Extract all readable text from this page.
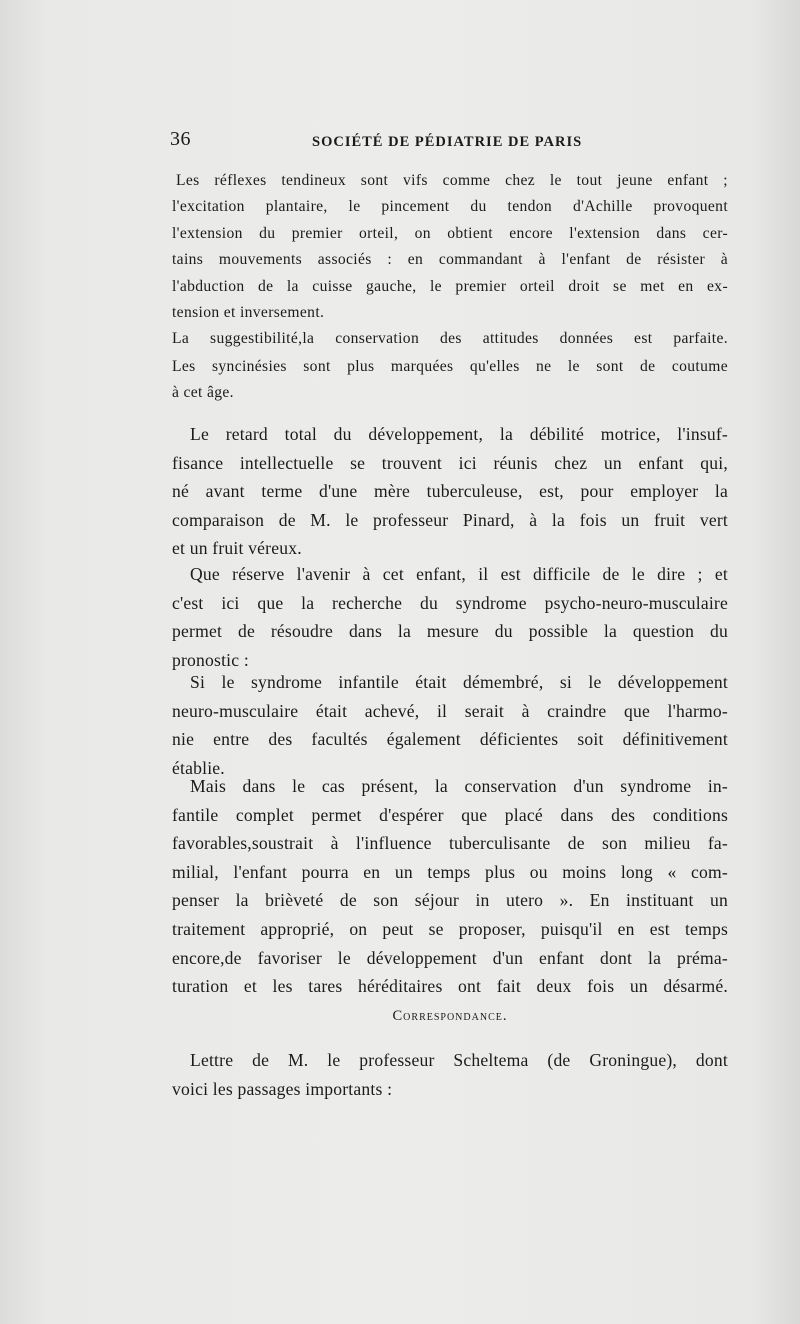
36	SOCIÉTÉ DE PÉDIATRIE DE PARIS
Les réflexes tendineux sont vifs comme chez le tout jeune enfant ;
l'excitation plantaire, le pincement du tendon d'Achille provoquent
l'extension du premier orteil, on obtient encore l'extension dans cer-
tains mouvements associés : en commandant à l'enfant de résister à
l'abduction de la cuisse gauche, le premier orteil droit se met en ex-
tension et inversement.
La suggestibilité,la conservation des attitudes données est parfaite.
Les syncinésies sont plus marquées qu'elles ne le sont de coutume
à cet âge.
Le retard total du développement, la débilité motrice, l'insuf-
fisance intellectuelle se trouvent ici réunis chez un enfant qui,
né avant terme d'une mère tuberculeuse, est, pour employer la
comparaison de M. le professeur Pinard, à la fois un fruit vert
et un fruit véreux.
Que réserve l'avenir à cet enfant, il est difficile de le dire ; et
c'est ici que la recherche du syndrome psycho-neuro-musculaire
permet de résoudre dans la mesure du possible la question du
pronostic :
Si le syndrome infantile était démembré, si le développement
neuro-musculaire était achevé, il serait à craindre que l'harmo-
nie entre des facultés également déficientes soit définitivement
établie.
Mais dans le cas présent, la conservation d'un syndrome in-
fantile complet permet d'espérer que placé dans des conditions
favorables,soustrait à l'influence tuberculisante de son milieu fa-
milial, l'enfant pourra en un temps plus ou moins long « com-
penser la brièveté de son séjour in utero ». En instituant un
traitement approprié, on peut se proposer, puisqu'il en est temps
encore,de favoriser le développement d'un enfant dont la préma-
turation et les tares héréditaires ont fait deux fois un désarmé.
Correspondance.
Lettre de M. le professeur Scheltema (de Groningue), dont
voici les passages importants :
